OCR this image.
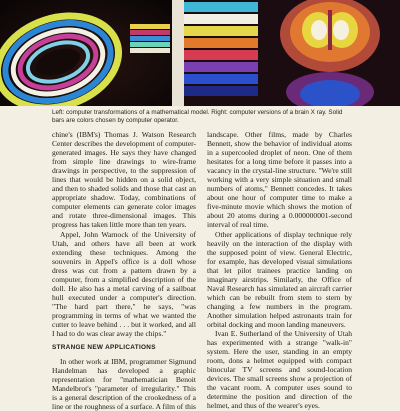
Left: computer transformations of a mathematical model. Right: computer versions of a brain X ray. Solid bars are colors chosen by computer operator.

chine's (IBM's) Thomas J. Watson Research Center describes the development of computer-generated images. He says they have changed from simple line drawings to wire-frame drawings in perspective, to the suppression of lines that would be hidden on a solid object, and then to shaded solids and those that cast an appropriate shadow. Today, combinations of computer elements can generate color images and rotate three-dimensional images. This progress has taken little more than ten years.

Appel, John Warnock of the University of Utah, and others have all been at work extending these techniques. Among the souvenirs in Appel's office is a doll whose dress was cut from a pattern drawn by a computer, from a simplified description of the doll. He also has a metal carving of a sailboat hull executed under a computer's direction. "The hard part there," he says, "was programming in terms of what we wanted the cutter to leave behind . . . but it worked, and all I had to do was clear away the chips."

STRANGE NEW APPLICATIONS

In other work at IBM, programmer Sigmund Handelman has developed a graphic representation for "mathematician Benoit Mandelbrot's "parameter of irregularity." This is a general description of the crookedness of a line or the roughness of a surface. A film of this

landscape. Other films, made by Charles Bennett, show the behavior of individual atoms in a supercooled droplet of neon. One of them hesitates for a long time before it passes into a vacancy in the crystal-line structure. "We're still working with a very simple situation and small numbers of atoms," Bennett concedes. It takes about one hour of computer time to make a five-minute movie which shows the motion of about 20 atoms during a 0.000000001-second interval of real time.

Other applications of display technique rely heavily on the interaction of the display with the supposed point of view. General Electric, for example, has developed visual simulations that let pilot trainees practice landing on imaginary airstrips. Similarly, the Office of Naval Research has simulated an aircraft carrier which can be rebuilt from stem to stern by changing a few numbers in the program. Another simulation helped astronauts train for orbital docking and moon landing maneuvers.

Ivan E. Sutherland of the University of Utah has experimented with a strange "walk-in" system. Here the user, standing in an empty room, dons a helmet equipped with compact binocular TV screens and sound-location devices. The small screens show a projection of the vacant room. A computer uses sound to determine the position and direction of the helmet, and thus of the wearer's eyes.
